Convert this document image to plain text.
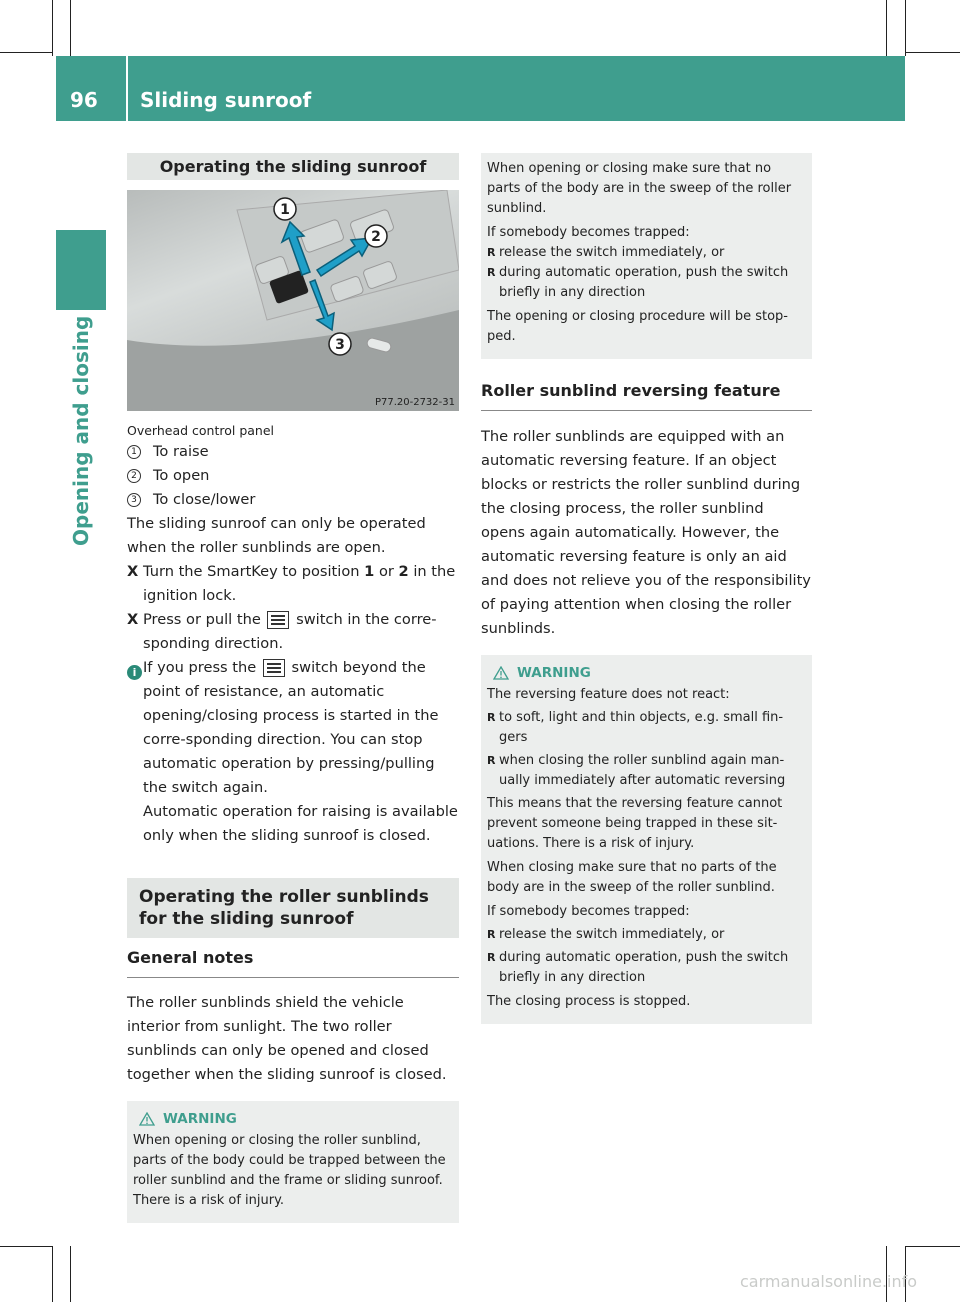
96 Sliding sunroof
Opening and closing
Operating the sliding sunroof
1
2
3
P77.20-2732-31
Overhead control panel
1	To raise
2	To open
3	To close/lower

The sliding sunroof can only be operated when the roller sunblinds are open.

X Turn the SmartKey to position 1 or 2 in the ignition lock.
X Press or pull the  switch in the corre-sponding direction.
i If you press the  switch beyond the point of resistance, an automatic opening/closing process is started in the corre-sponding direction. You can stop automatic operation by pressing/pulling the switch again.
Automatic operation for raising is available only when the sliding sunroof is closed.
Operating the roller sunblinds for the sliding sunroof
General notes

The roller sunblinds shield the vehicle interior from sunlight. The two roller sunblinds can only be opened and closed together when the sliding sunroof is closed.

WARNING

When opening or closing the roller sunblind, parts of the body could be trapped between the roller sunblind and the frame or sliding sunroof. There is a risk of injury.

When opening or closing make sure that no parts of the body are in the sweep of the roller sunblind.

If somebody becomes trapped:

R release the switch immediately, or
R during automatic operation, push the switch briefly in any direction

The opening or closing procedure will be stop-ped.

Roller sunblind reversing feature

The roller sunblinds are equipped with an automatic reversing feature. If an object blocks or restricts the roller sunblind during the closing process, the roller sunblind opens again automatically. However, the automatic reversing feature is only an aid and does not relieve you of the responsibility of paying attention when closing the roller sunblinds.

WARNING

The reversing feature does not react:

R to soft, light and thin objects, e.g. small fin-gers
R when closing the roller sunblind again man-ually immediately after automatic reversing

This means that the reversing feature cannot prevent someone being trapped in these sit-uations. There is a risk of injury.

When closing make sure that no parts of the body are in the sweep of the roller sunblind.

If somebody becomes trapped:

R release the switch immediately, or
R during automatic operation, push the switch briefly in any direction

The closing process is stopped.

carmanualsonline.info
